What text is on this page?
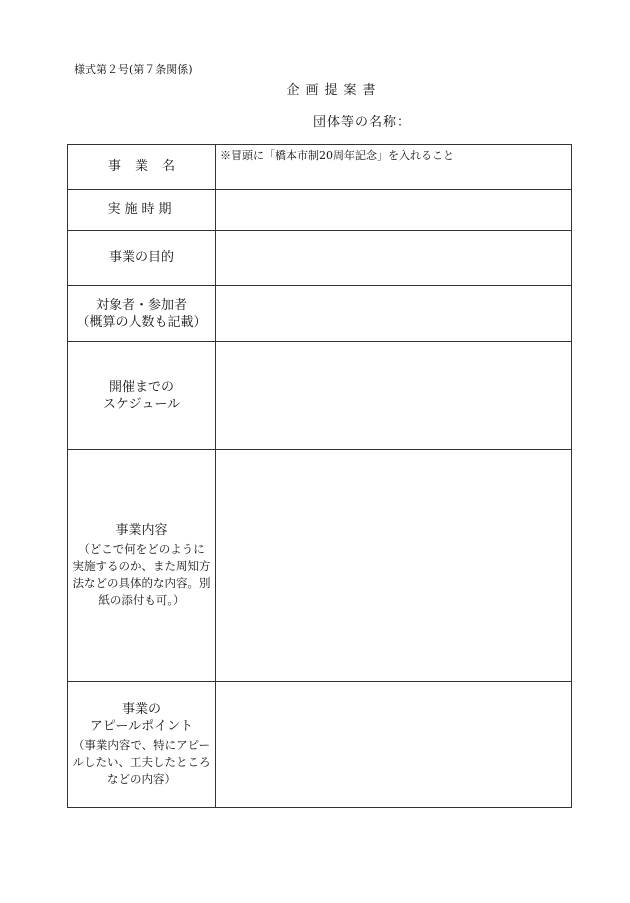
様式第２号(第７条関係)
企画提案書
団体等の名称：
事業名	※冒頭に「橋本市制20周年記念」を入れること
実施時期	
事業の目的	

対象者・参加者
（概算の人数も記載）	

開催までの
スケジュール	

事業内容
（どこで何をどのように
実施するのか、また周知方
法などの具体的な内容。別
紙の添付も可。）	

事業の
アピールポイント
（事業内容で、特にアピー
ルしたい、工夫したところ
などの内容）	
